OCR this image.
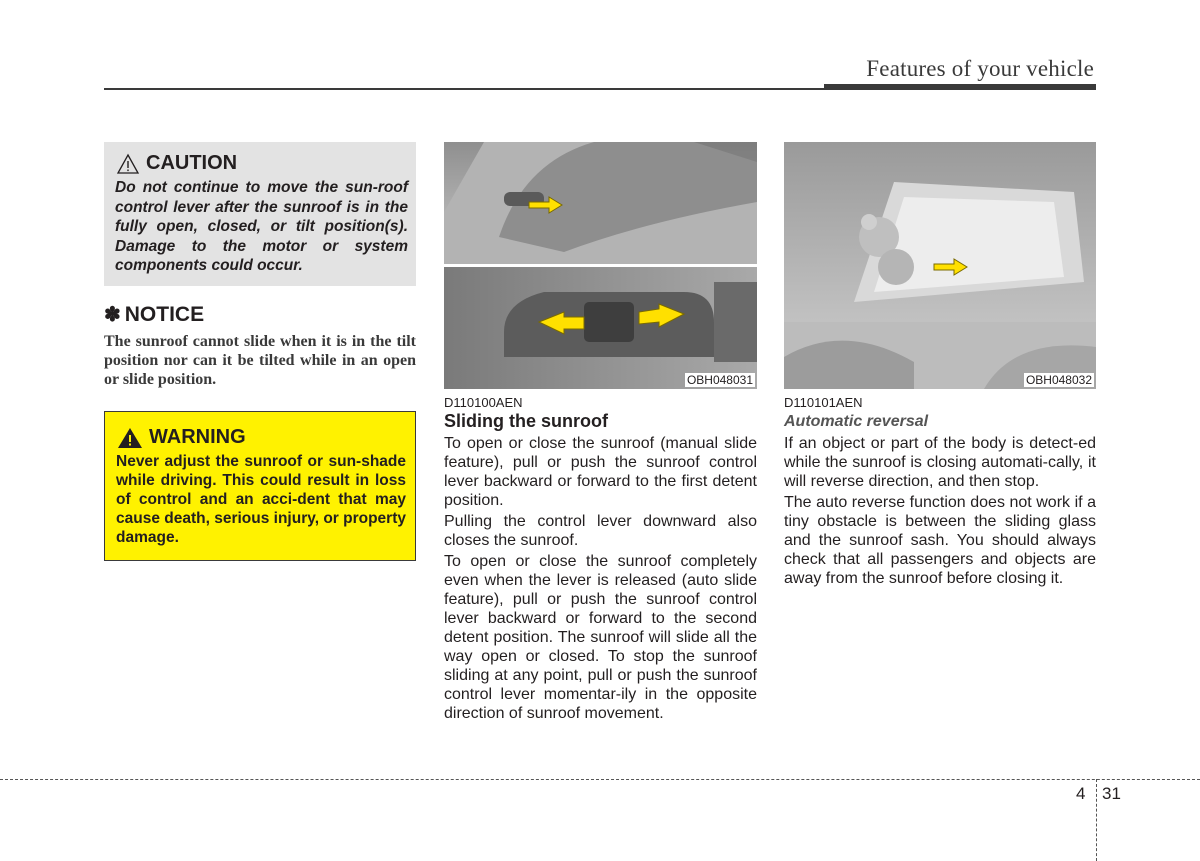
Features of your vehicle
CAUTION
Do not continue to move the sun-roof control lever after the sunroof is in the fully open, closed, or tilt position(s). Damage to the motor or system components could occur.
✽ NOTICE
The sunroof cannot slide when it is in the tilt position nor can it be tilted while in an open or slide position.
WARNING
Never adjust the sunroof or sun-shade while driving. This could result in loss of control and an acci-dent that may cause death, serious injury, or property damage.
OBH048031	OBH048032
D110100AEN
Sliding the sunroof

To open or close the sunroof (manual slide feature), pull or push the sunroof control lever backward or forward to the first detent position.

Pulling the control lever downward also closes the sunroof.

To open or close the sunroof completely even when the lever is released (auto slide feature), pull or push the sunroof control lever backward or forward to the second detent position. The sunroof will slide all the way open or closed. To stop the sunroof sliding at any point, pull or push the sunroof control lever momentar-ily in the opposite direction of sunroof movement.

D110101AEN
Automatic reversal

If an object or part of the body is detect-ed while the sunroof is closing automati-cally, it will reverse direction, and then stop.

The auto reverse function does not work if a tiny obstacle is between the sliding glass and the sunroof sash. You should always check that all passengers and objects are away from the sunroof before closing it.

4 31
